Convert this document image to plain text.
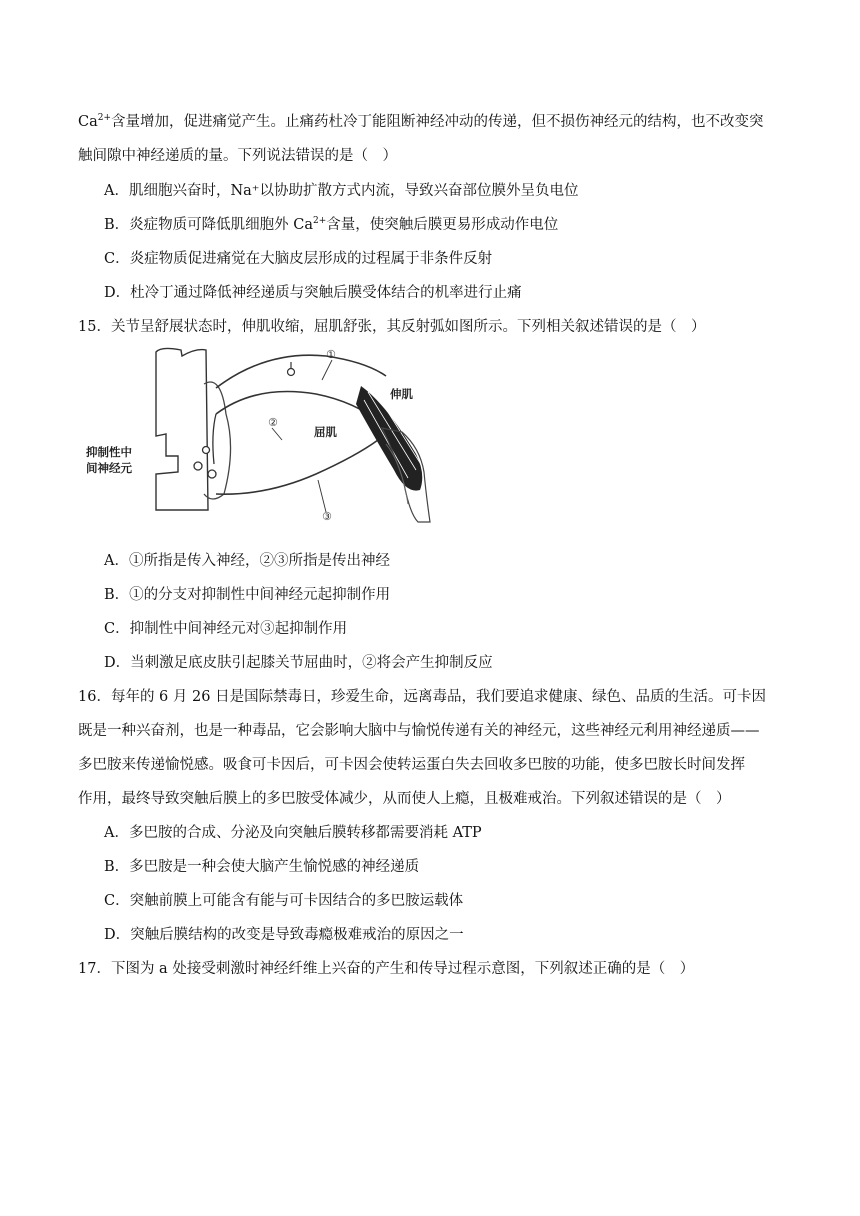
$Ca^{2+}$含量增加，促进痛觉产生。止痛药杜冷丁能阻断神经冲动的传递，但不损伤神经元的结构，也不改变突
触间隙中神经递质的量。下列说法错误的是（　）
A．肌细胞兴奋时，Na⁺以协助扩散方式内流，导致兴奋部位膜外呈负电位
B．炎症物质可降低肌细胞外 $Ca^{2+}$含量，使突触后膜更易形成动作电位
C．炎症物质促进痛觉在大脑皮层形成的过程属于非条件反射
D．杜冷丁通过降低神经递质与突触后膜受体结合的机率进行止痛
15．关节呈舒展状态时，伸肌收缩，屈肌舒张，其反射弧如图所示。下列相关叙述错误的是（　）
抑制性中
间神经元
伸肌
屈肌
①
②
③
A．①所指是传入神经，②③所指是传出神经
B．①的分支对抑制性中间神经元起抑制作用
C．抑制性中间神经元对③起抑制作用
D．当刺激足底皮肤引起膝关节屈曲时，②将会产生抑制反应
16．每年的 6 月 26 日是国际禁毒日，珍爱生命，远离毒品，我们要追求健康、绿色、品质的生活。可卡因
既是一种兴奋剂，也是一种毒品，它会影响大脑中与愉悦传递有关的神经元，这些神经元利用神经递质——
多巴胺来传递愉悦感。吸食可卡因后，可卡因会使转运蛋白失去回收多巴胺的功能，使多巴胺长时间发挥
作用，最终导致突触后膜上的多巴胺受体减少，从而使人上瘾，且极难戒治。下列叙述错误的是（　）
A．多巴胺的合成、分泌及向突触后膜转移都需要消耗 ATP
B．多巴胺是一种会使大脑产生愉悦感的神经递质
C．突触前膜上可能含有能与可卡因结合的多巴胺运载体
D．突触后膜结构的改变是导致毒瘾极难戒治的原因之一
17．下图为 a 处接受刺激时神经纤维上兴奋的产生和传导过程示意图，下列叙述正确的是（　）
